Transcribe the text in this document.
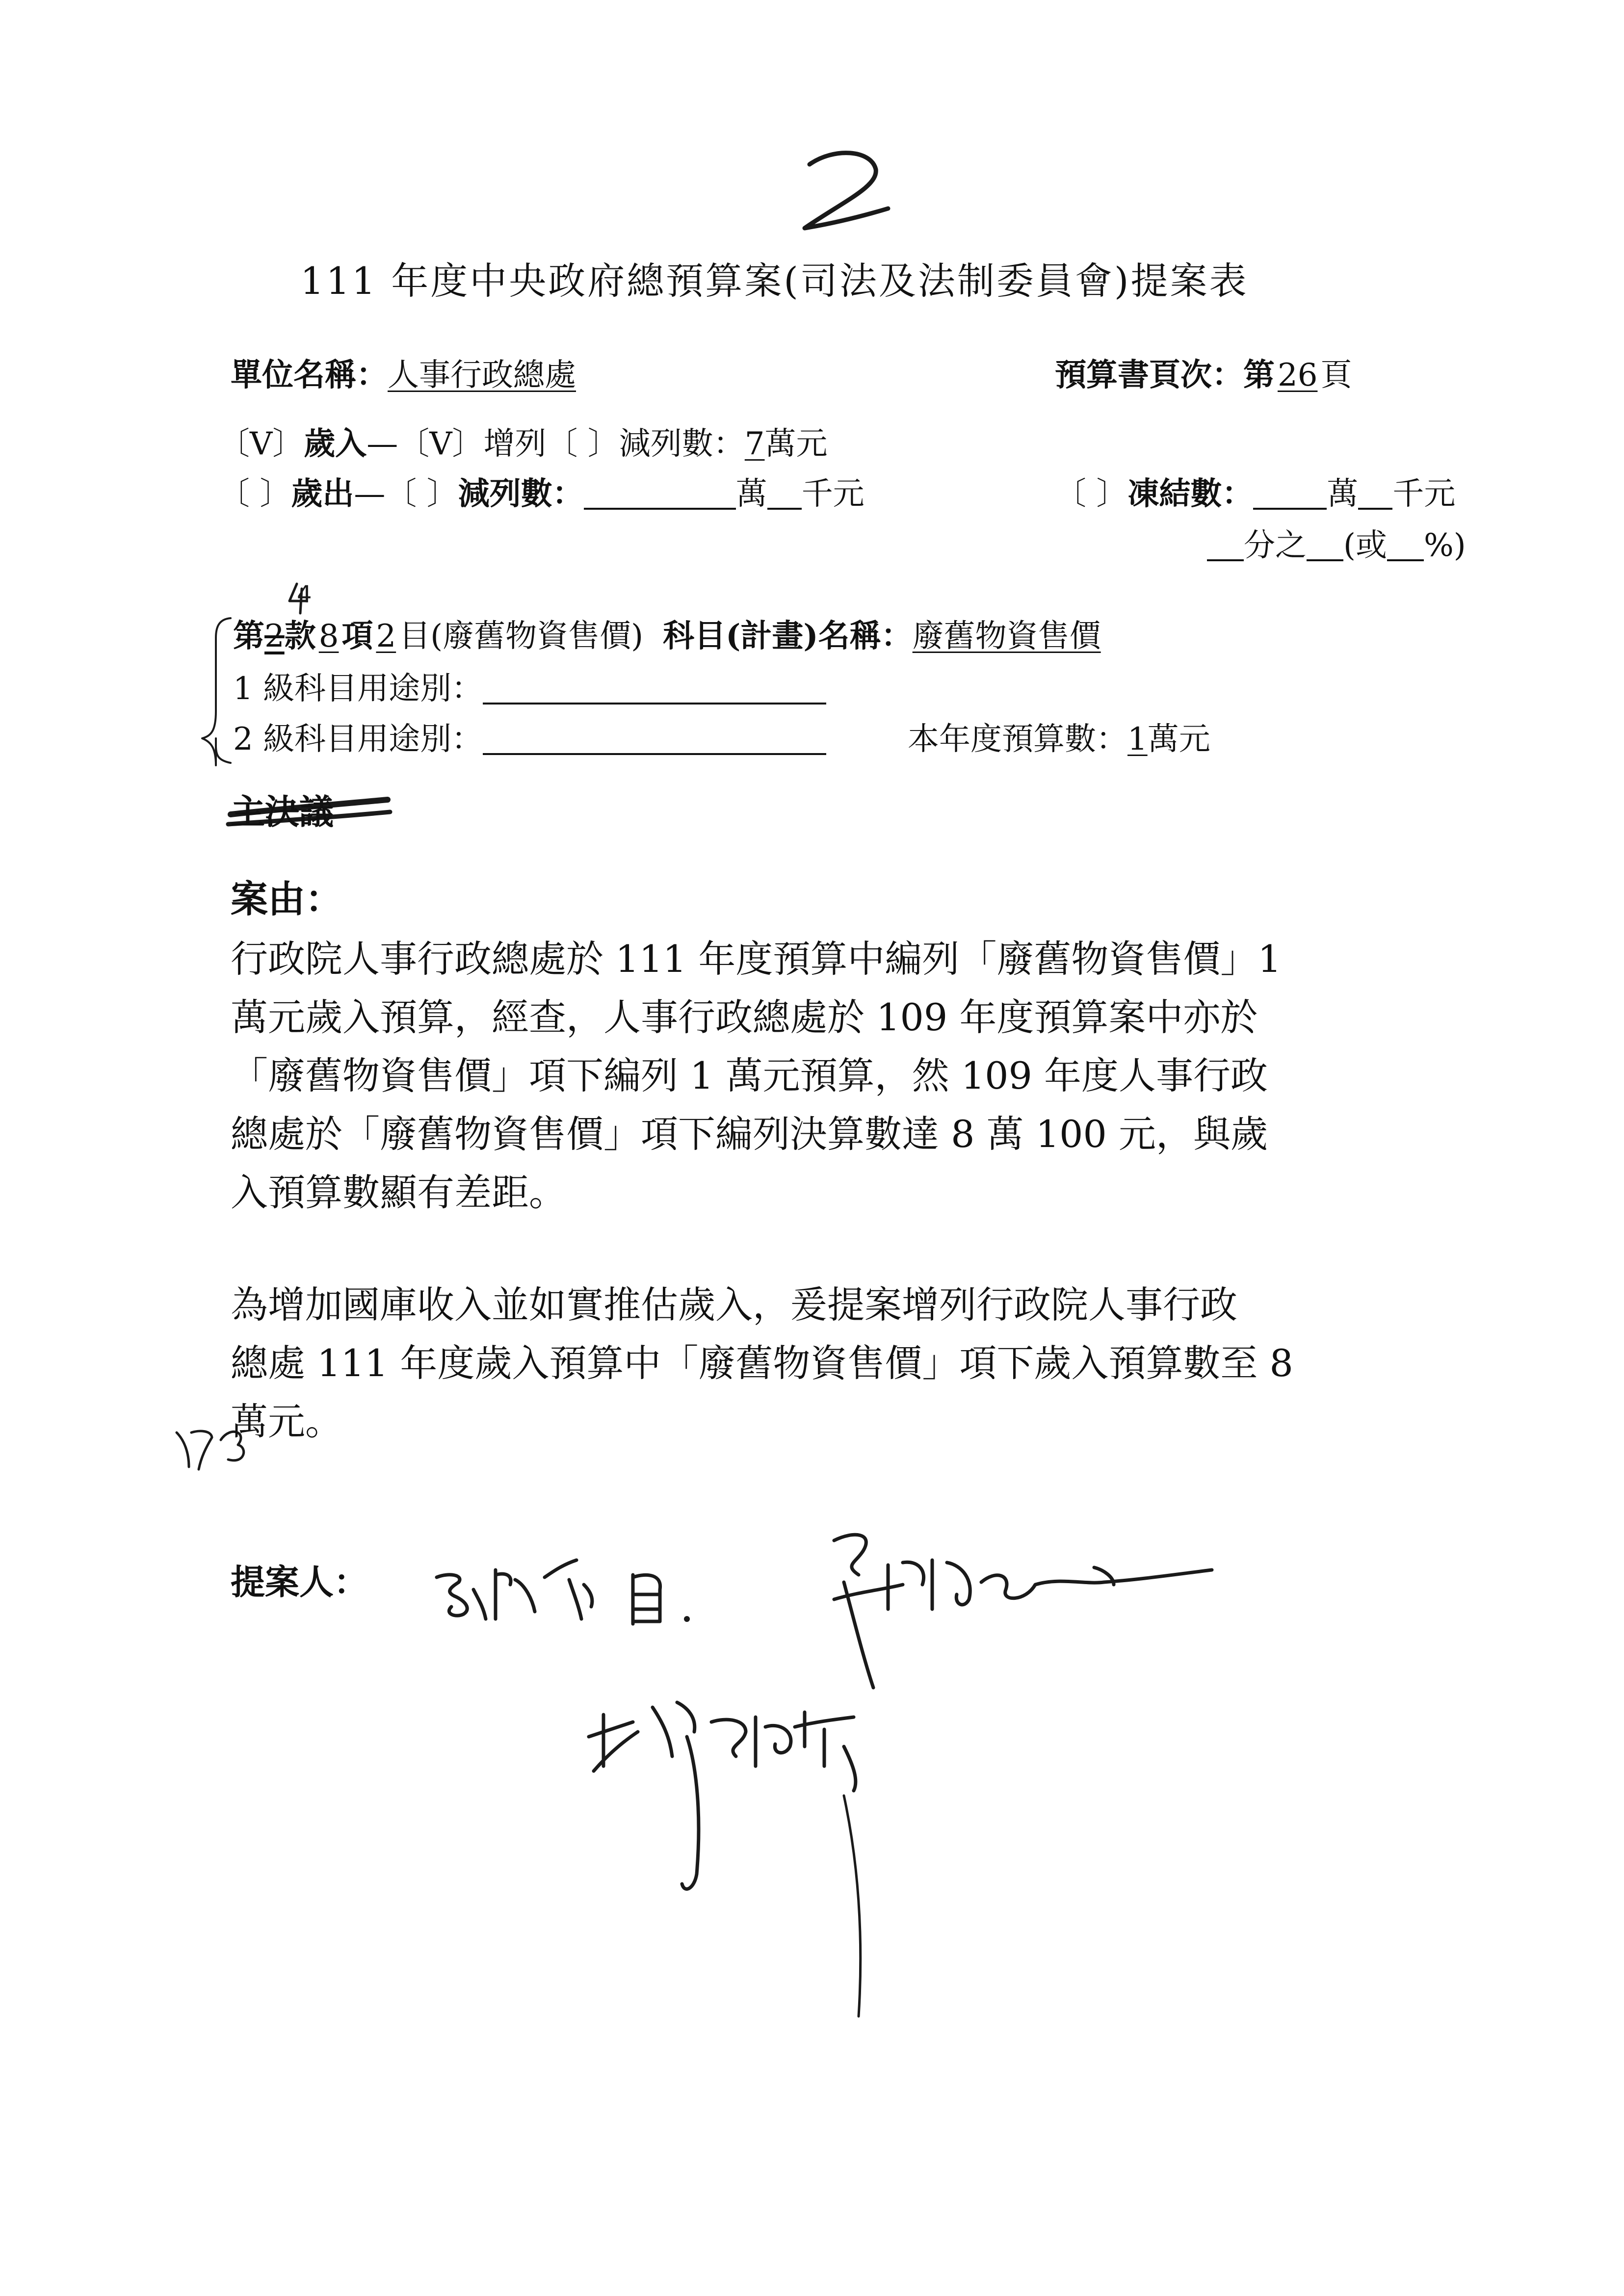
111 年度中央政府總預算案(司法及法制委員會)提案表
單位名稱：人事行政總處	預算書頁次：第26頁
〔V〕歲入—〔V〕增列〔 〕減列數：7萬元
〔 〕歲出—〔 〕減列數：	萬 千元	〔 〕凍結數： 萬 千元
分之 (或 %)
第2款8項2目(廢舊物資售價) 科目(計畫)名稱：廢舊物資售價
4
1 級科目用途別：
2 級科目用途別：	本年度預算數：1萬元
主決議
案由：
行政院人事行政總處於 111 年度預算中編列「廢舊物資售價」1
萬元歲入預算，經查，人事行政總處於 109 年度預算案中亦於
「廢舊物資售價」項下編列 1 萬元預算，然 109 年度人事行政
總處於「廢舊物資售價」項下編列決算數達 8 萬 100 元，與歲
入預算數顯有差距。
為增加國庫收入並如實推估歲入，爰提案增列行政院人事行政
總處 111 年度歲入預算中「廢舊物資售價」項下歲入預算數至 8
萬元。
提案人：
